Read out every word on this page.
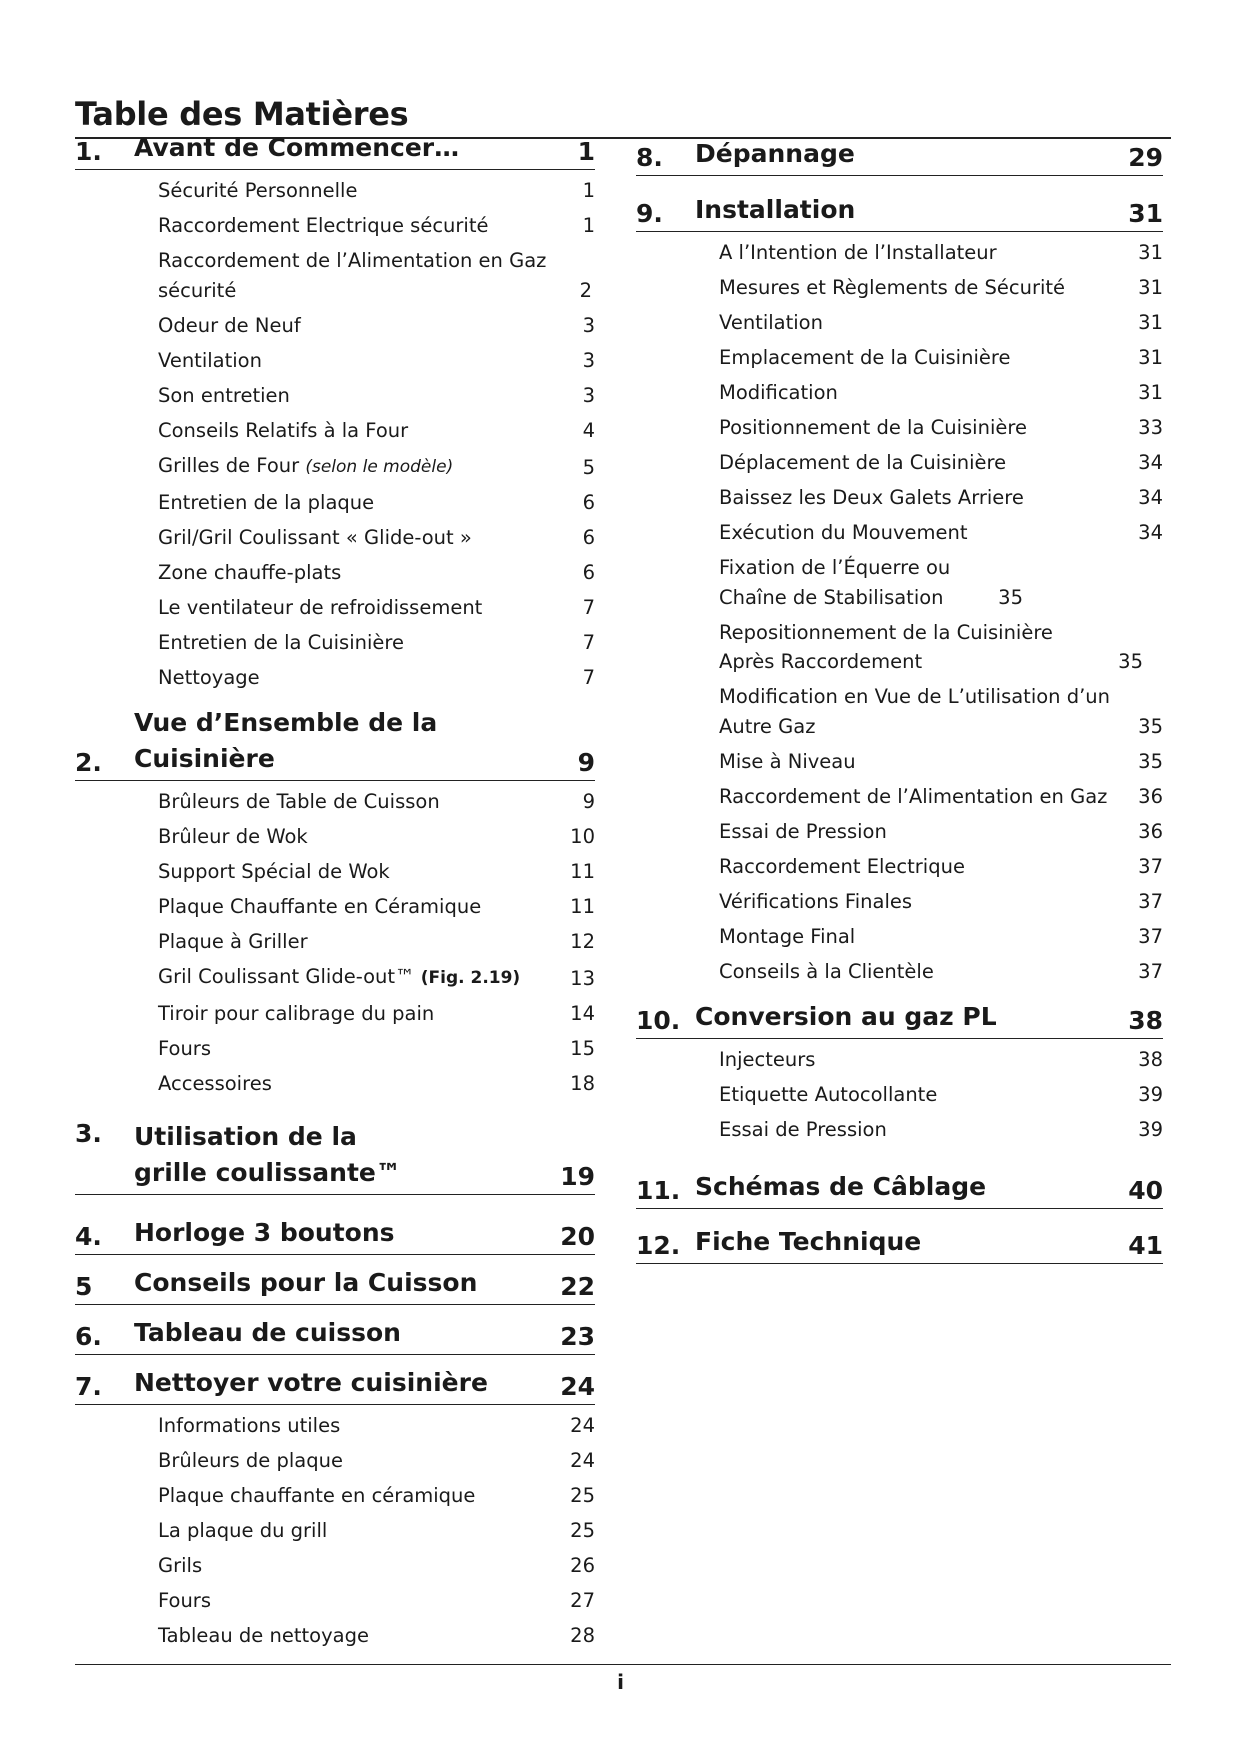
Table des Matières
1.	Avant de Commencer…	1
Sécurité Personnelle	1
Raccordement Electrique sécurité	1
Raccordement de l’Alimentation en Gaz sécurité	2
Odeur de Neuf	3
Ventilation	3
Son entretien	3
Conseils Relatifs à la Four	4
Grilles de Four (selon le modèle)	5
Entretien de la plaque	6
Gril/Gril Coulissant « Glide-out »	6
Zone chauffe-plats	6
Le ventilateur de refroidissement	7
Entretien de la Cuisinière	7
Nettoyage	7
2.
Vue d’Ensemble de la Cuisinière	9
Brûleurs de Table de Cuisson	9
Brûleur de Wok	10
Support Spécial de Wok	11
Plaque Chauffante en Céramique	11
Plaque à Griller	12
Gril Coulissant Glide-out™ (Fig. 2.19)	13
Tiroir pour calibrage du pain	14
Fours	15
Accessoires	18
3.	Utilisation de la
grille coulissante™	19
4.	Horloge 3 boutons	20
5	Conseils pour la Cuisson	22
6.	Tableau de cuisson	23
7.	Nettoyer votre cuisinière	24
Informations utiles	24
Brûleurs de plaque	24
Plaque chauffante en céramique	25
La plaque du grill	25
Grils	26
Fours	27
Tableau de nettoyage	28
8.	Dépannage	29
9.	Installation	31
A l’Intention de l’Installateur	31
Mesures et Règlements de Sécurité	31
Ventilation	31
Emplacement de la Cuisinière	31
Modification	31
Positionnement de la Cuisinière	33
Déplacement de la Cuisinière	34
Baissez les Deux Galets Arriere	34
Exécution du Mouvement	34
Fixation de l’Équerre ou Chaîne de Stabilisation	35
Repositionnement de la Cuisinière Après Raccordement	35
Modification en Vue de L’utilisation d’un Autre Gaz	35
Mise à Niveau	35
Raccordement de l’Alimentation en Gaz	36
Essai de Pression	36
Raccordement Electrique	37
Vérifications Finales	37
Montage Final	37
Conseils à la Clientèle	37
10. Conversion au gaz PL	38
Injecteurs	38
Etiquette Autocollante	39
Essai de Pression	39
11. Schémas de Câblage	40
12. Fiche Technique	41
i
